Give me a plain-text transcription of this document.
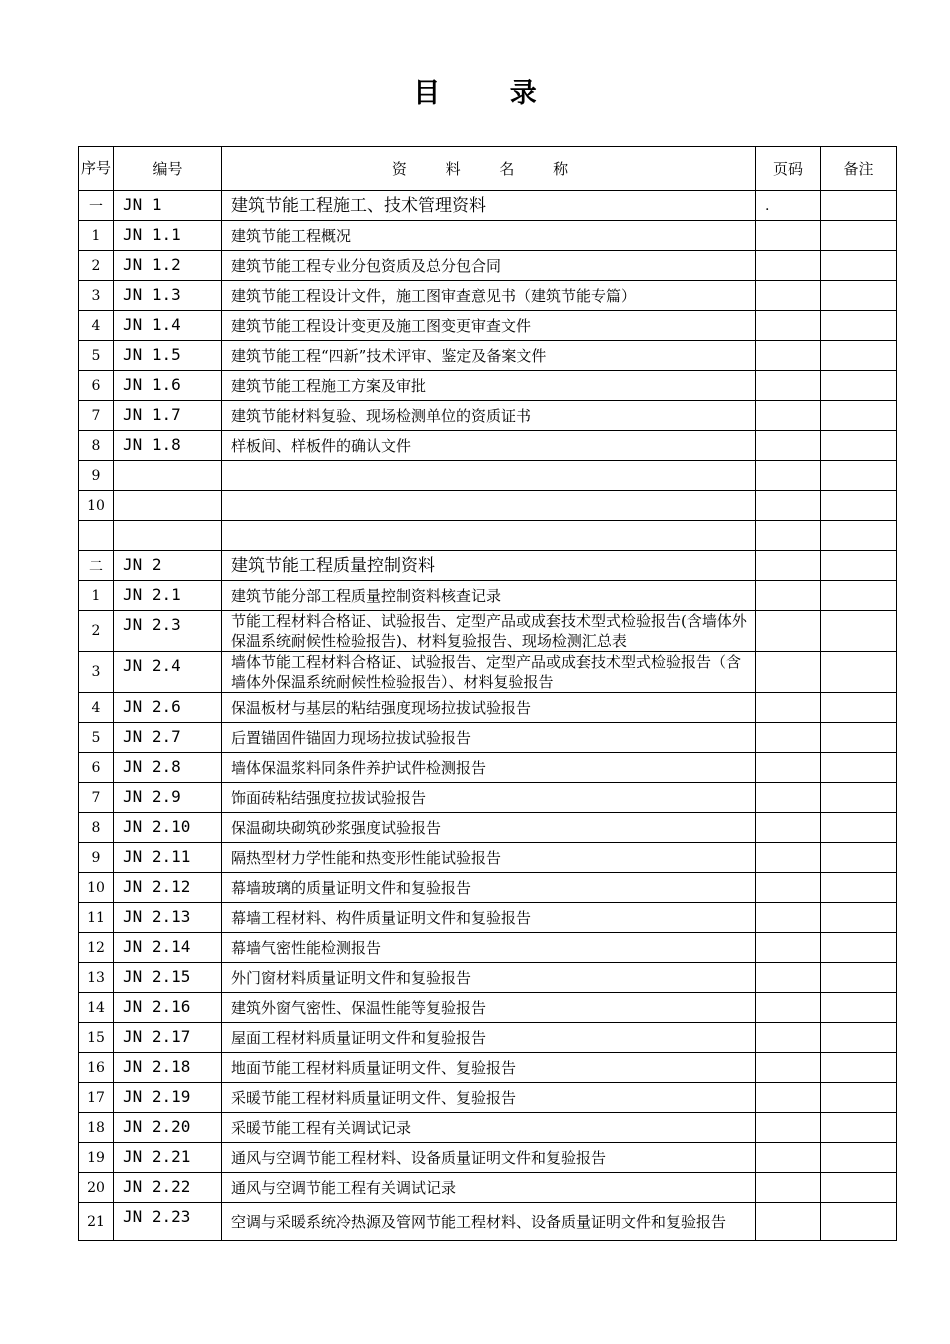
目 录
序号	编号	资 料 名 称	页码	备注
一	JN 1	建筑节能工程施工、技术管理资料	.	
1	JN 1.1	建筑节能工程概况		
2	JN 1.2	建筑节能工程专业分包资质及总分包合同		
3	JN 1.3	建筑节能工程设计文件，施工图审查意见书（建筑节能专篇）		
4	JN 1.4	建筑节能工程设计变更及施工图变更审查文件		
5	JN 1.5	建筑节能工程“四新”技术评审、鉴定及备案文件		
6	JN 1.6	建筑节能工程施工方案及审批		
7	JN 1.7	建筑节能材料复验、现场检测单位的资质证书		
8	JN 1.8	样板间、样板件的确认文件		
9				
10				

二	JN 2	建筑节能工程质量控制资料		
1	JN 2.1	建筑节能分部工程质量控制资料核查记录		
2	JN 2.3	节能工程材料合格证、试验报告、定型产品或成套技术型式检验报告(含墙体外保温系统耐候性检验报告)、材料复验报告、现场检测汇总表		
3	JN 2.4	墙体节能工程材料合格证、试验报告、定型产品或成套技术型式检验报告（含墙体外保温系统耐候性检验报告）、材料复验报告		
4	JN 2.6	保温板材与基层的粘结强度现场拉拔试验报告		
5	JN 2.7	后置锚固件锚固力现场拉拔试验报告		
6	JN 2.8	墙体保温浆料同条件养护试件检测报告		
7	JN 2.9	饰面砖粘结强度拉拔试验报告		
8	JN 2.10	保温砌块砌筑砂浆强度试验报告		
9	JN 2.11	隔热型材力学性能和热变形性能试验报告		
10	JN 2.12	幕墙玻璃的质量证明文件和复验报告		
11	JN 2.13	幕墙工程材料、构件质量证明文件和复验报告		
12	JN 2.14	幕墙气密性能检测报告		
13	JN 2.15	外门窗材料质量证明文件和复验报告		
14	JN 2.16	建筑外窗气密性、保温性能等复验报告		
15	JN 2.17	屋面工程材料质量证明文件和复验报告		
16	JN 2.18	地面节能工程材料质量证明文件、复验报告		
17	JN 2.19	采暖节能工程材料质量证明文件、复验报告		
18	JN 2.20	采暖节能工程有关调试记录		
19	JN 2.21	通风与空调节能工程材料、设备质量证明文件和复验报告		
20	JN 2.22	通风与空调节能工程有关调试记录		
21	JN 2.23	空调与采暖系统冷热源及管网节能工程材料、设备质量证明文件和复验报告		
